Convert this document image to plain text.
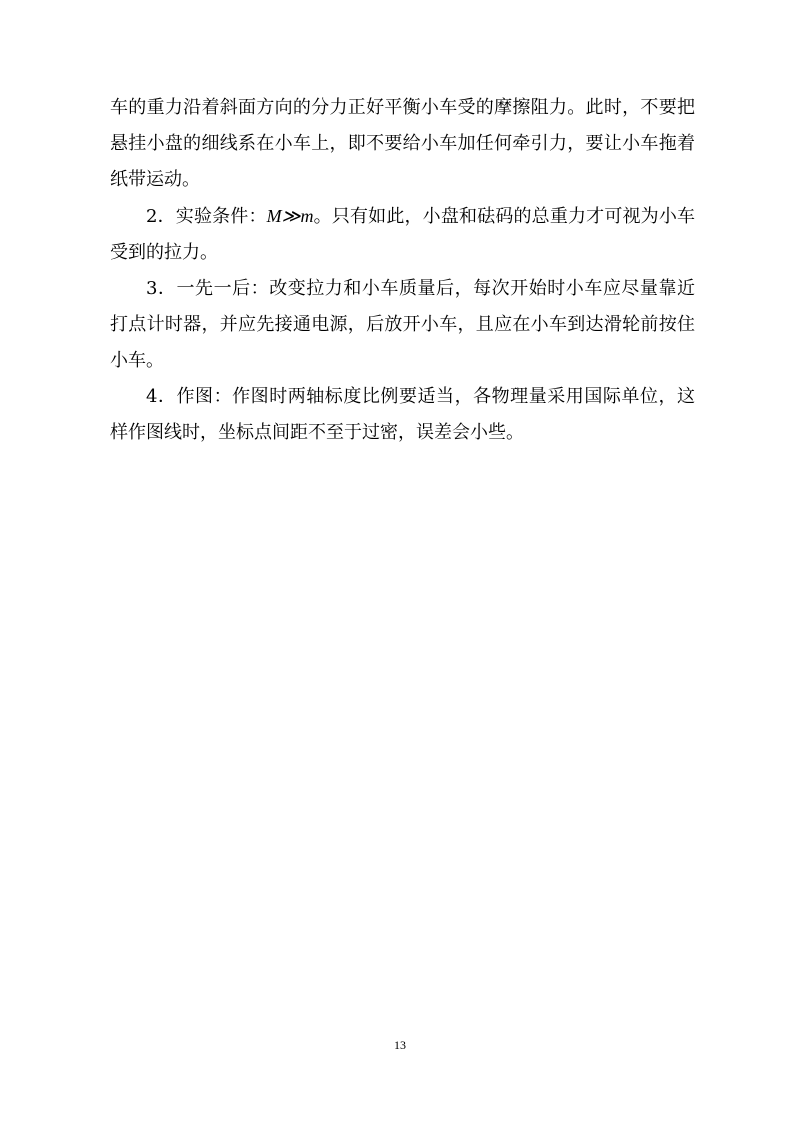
车的重力沿着斜面方向的分力正好平衡小车受的摩擦阻力。此时，不要把悬挂小盘的细线系在小车上，即不要给小车加任何牵引力，要让小车拖着纸带运动。

2．实验条件：M≫m。只有如此，小盘和砝码的总重力才可视为小车受到的拉力。

3．一先一后：改变拉力和小车质量后，每次开始时小车应尽量靠近打点计时器，并应先接通电源，后放开小车，且应在小车到达滑轮前按住小车。

4．作图：作图时两轴标度比例要适当，各物理量采用国际单位，这样作图线时，坐标点间距不至于过密，误差会小些。

13
